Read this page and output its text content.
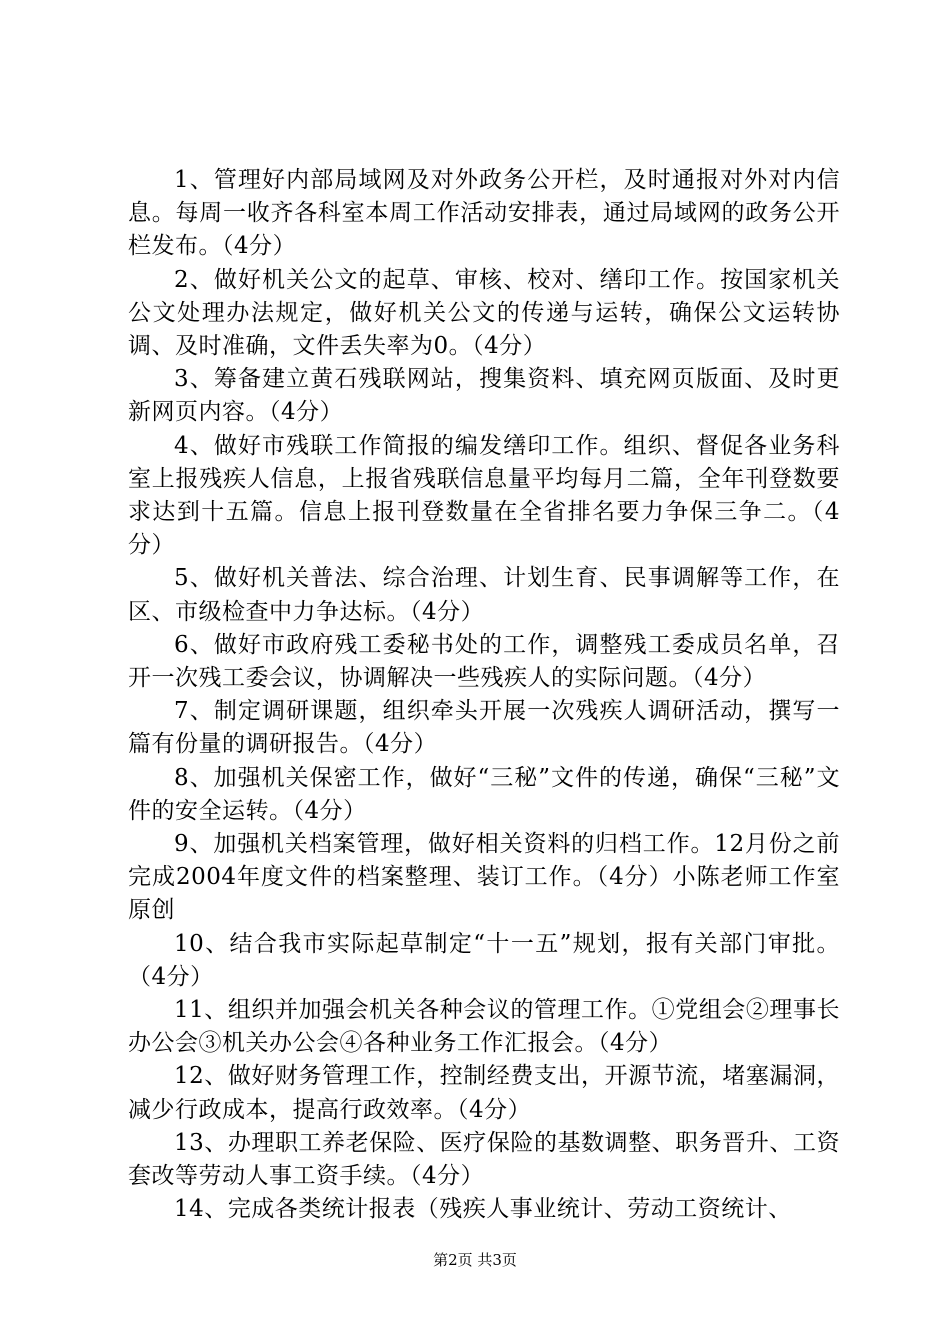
1、管理好内部局域网及对外政务公开栏，及时通报对外对内信息。每周一收齐各科室本周工作活动安排表，通过局域网的政务公开栏发布。（4分）

2、做好机关公文的起草、审核、校对、缮印工作。按国家机关公文处理办法规定，做好机关公文的传递与运转，确保公文运转协调、及时准确，文件丢失率为0。（4分）

3、筹备建立黄石残联网站，搜集资料、填充网页版面、及时更新网页内容。（4分）

4、做好市残联工作简报的编发缮印工作。组织、督促各业务科室上报残疾人信息，上报省残联信息量平均每月二篇，全年刊登数要求达到十五篇。信息上报刊登数量在全省排名要力争保三争二。（4分）

5、做好机关普法、综合治理、计划生育、民事调解等工作，在区、市级检查中力争达标。（4分）

6、做好市政府残工委秘书处的工作，调整残工委成员名单，召开一次残工委会议，协调解决一些残疾人的实际问题。（4分）

7、制定调研课题，组织牵头开展一次残疾人调研活动，撰写一篇有份量的调研报告。（4分）

8、加强机关保密工作，做好“三秘”文件的传递，确保“三秘”文件的安全运转。（4分）

9、加强机关档案管理，做好相关资料的归档工作。12月份之前完成2004年度文件的档案整理、装订工作。（4分）小陈老师工作室原创

10、结合我市实际起草制定“十一五”规划，报有关部门审批。（4分）

11、组织并加强会机关各种会议的管理工作。①党组会②理事长办公会③机关办公会④各种业务工作汇报会。（4分）

12、做好财务管理工作，控制经费支出，开源节流，堵塞漏洞，减少行政成本，提高行政效率。（4分）

13、办理职工养老保险、医疗保险的基数调整、职务晋升、工资套改等劳动人事工资手续。（4分）

14、完成各类统计报表（残疾人事业统计、劳动工资统计、

第2页 共3页
